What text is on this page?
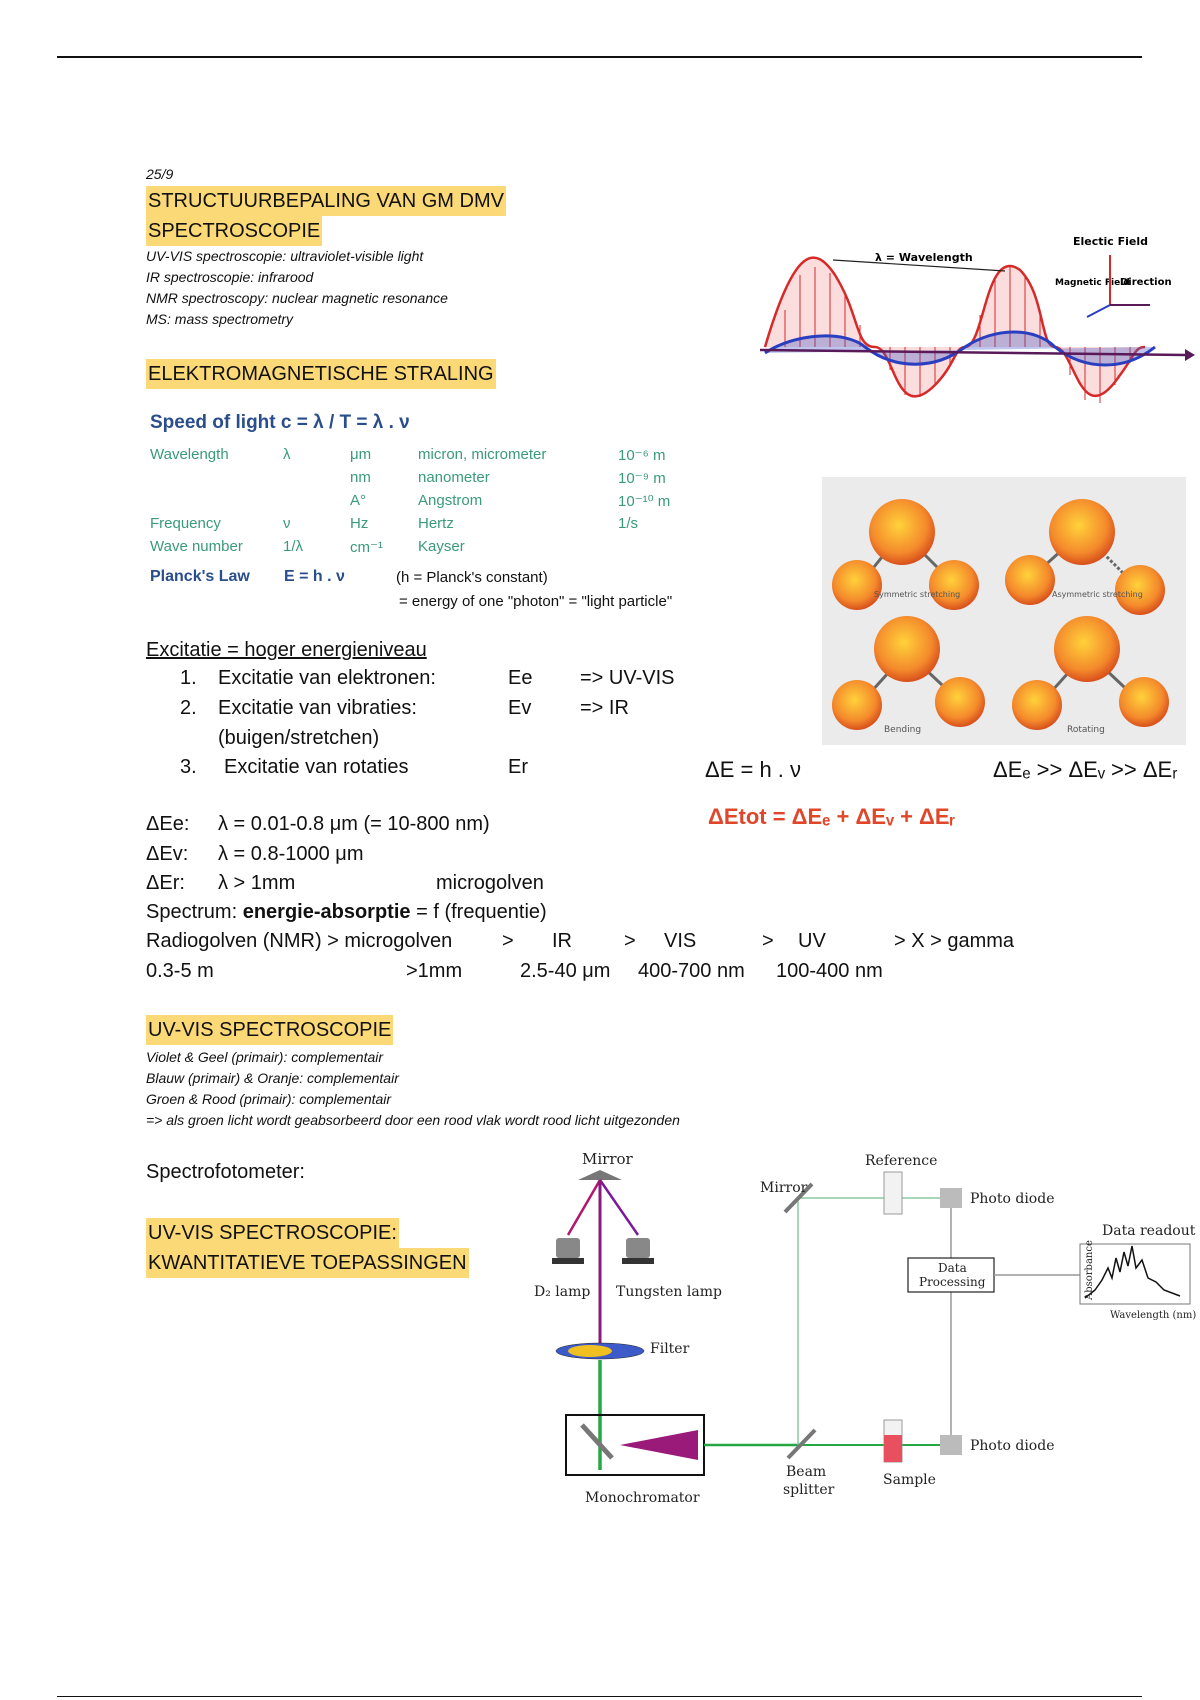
25/9
STRUCTUURBEPALING VAN GM DMV
SPECTROSCOPIE
UV-VIS spectroscopie: ultraviolet-visible light
IR spectroscopie: infrarood
NMR spectroscopy: nuclear magnetic resonance
MS: mass spectrometry
ELEKTROMAGNETISCHE STRALING
Speed of light c = λ / T = λ . ν
Wavelength	λ	μm	micron, micrometer	10⁻⁶ m
		nm	nanometer	10⁻⁹ m
		A°	Angstrom	10⁻¹⁰ m
Frequency	ν	Hz	Hertz	1/s
Wave number	1/λ	cm⁻¹	Kayser	
Planck's Law E = h . ν	(h = Planck's constant)
= energy of one "photon" = "light particle"
Excitatie = hoger energieniveau
1. Excitatie van elektronen:	Ee => UV-VIS
2. Excitatie van vibraties:	Ev => IR
(buigen/stretchen)
3. Excitatie van rotaties	Er	ΔE = h . ν	ΔEₑ >> ΔEᵥ >> ΔEᵣ
ΔEtot = ΔEₑ + ΔEᵥ + ΔEᵣ
ΔEe: λ = 0.01-0.8 μm (= 10-800 nm)
ΔEv: λ = 0.8-1000 μm
ΔEr: λ > 1mm	microgolven
Spectrum: energie-absorptie = f (frequentie)
Radiogolven (NMR) > microgolven > IR	> VIS	> UV	> X > gamma
0.3-5 m	>1mm	2.5-40 μm 400-700 nm 100-400 nm
UV-VIS SPECTROSCOPIE
Violet & Geel (primair): complementair
Blauw (primair) & Oranje: complementair
Groen & Rood (primair): complementair
=> als groen licht wordt geabsorbeerd door een rood vlak wordt rood licht uitgezonden
Spectrofotometer:
UV-VIS SPECTROSCOPIE:
KWANTITATIEVE TOEPASSINGEN
λ = Wavelength
Electic Field
Magnetic Field
Direction
Symmetric stretching	Asymmetric stretching
Bending	Rotating
Mirror
D₂ lamp Tungsten lamp
Filter
Monochromator
Mirror
Beam
splitter
Reference
Sample
Photo diode
Photo diode
Data
Processing
Data readout
Absorbance
Wavelength (nm)
